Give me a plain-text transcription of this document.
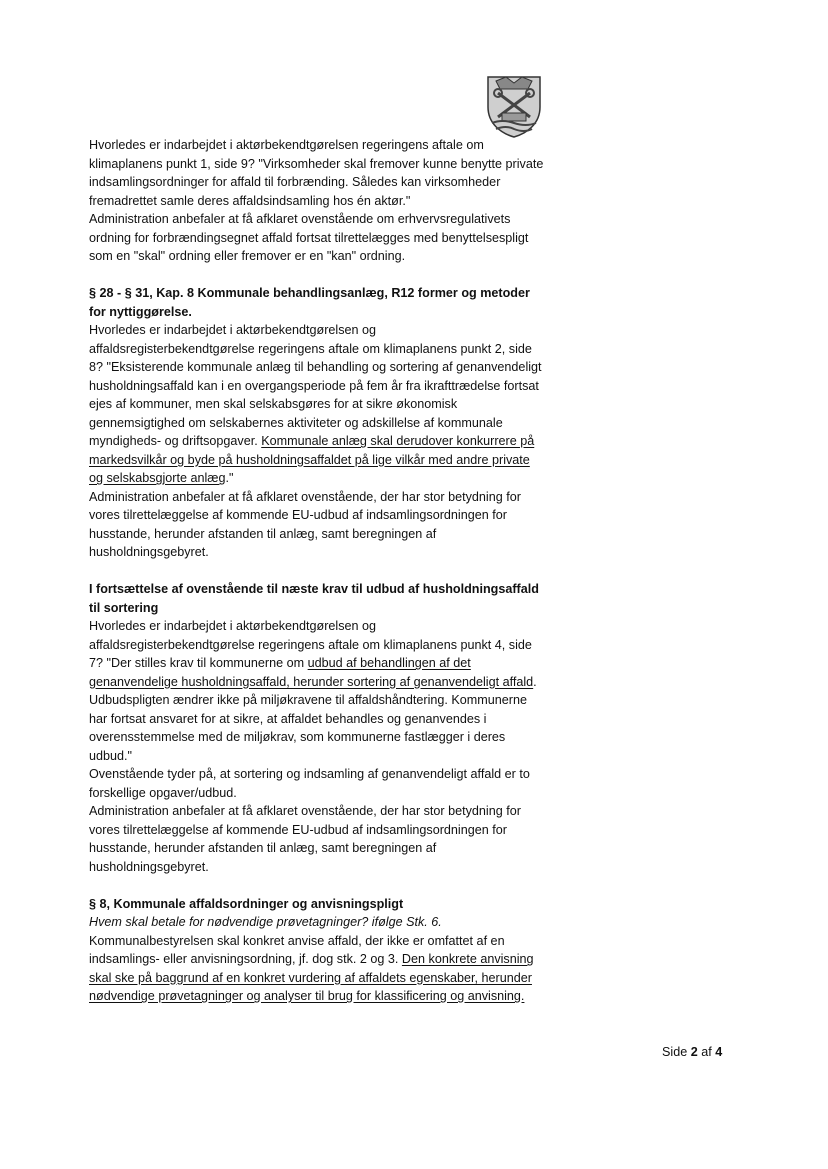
Hvorledes er indarbejdet i aktørbekendtgørelsen regeringens aftale om klimaplanens punkt 1, side 9? "Virksomheder skal fremover kunne benytte private indsamlingsordninger for affald til forbrænding. Således kan virksomheder fremadrettet samle deres affaldsindsamling hos én aktør."

Administration anbefaler at få afklaret ovenstående om erhvervsregulativets ordning for forbrændingsegnet affald fortsat tilrettelægges med benyttelsespligt som en "skal" ordning eller fremover er en "kan" ordning.

§ 28 - § 31, Kap. 8 Kommunale behandlingsanlæg, R12 former og metoder for nyttiggørelse.

Hvorledes er indarbejdet i aktørbekendtgørelsen og affaldsregisterbekendtgørelse regeringens aftale om klimaplanens punkt 2, side 8? "Eksisterende kommunale anlæg til behandling og sortering af genanvendeligt husholdningsaffald kan i en overgangsperiode på fem år fra ikrafttrædelse fortsat ejes af kommuner, men skal selskabsgøres for at sikre økonomisk gennemsigtighed om selskabernes aktiviteter og adskillelse af kommunale myndigheds- og driftsopgaver. Kommunale anlæg skal derudover konkurrere på markedsvilkår og byde på husholdningsaffaldet på lige vilkår med andre private og selskabsgjorte anlæg."

Administration anbefaler at få afklaret ovenstående, der har stor betydning for vores tilrettelæggelse af kommende EU-udbud af indsamlingsordningen for husstande, herunder afstanden til anlæg, samt beregningen af husholdningsgebyret.

I fortsættelse af ovenstående til næste krav til udbud af husholdningsaffald til sortering

Hvorledes er indarbejdet i aktørbekendtgørelsen og affaldsregisterbekendtgørelse regeringens aftale om klimaplanens punkt 4, side 7? "Der stilles krav til kommunerne om udbud af behandlingen af det genanvendelige husholdningsaffald, herunder sortering af genanvendeligt affald. Udbudspligten ændrer ikke på miljøkravene til affaldshåndtering. Kommunerne har fortsat ansvaret for at sikre, at affaldet behandles og genanvendes i overensstemmelse med de miljøkrav, som kommunerne fastlægger i deres udbud."

Ovenstående tyder på, at sortering og indsamling af genanvendeligt affald er to forskellige opgaver/udbud.

Administration anbefaler at få afklaret ovenstående, der har stor betydning for vores tilrettelæggelse af kommende EU-udbud af indsamlingsordningen for husstande, herunder afstanden til anlæg, samt beregningen af husholdningsgebyret.

§ 8, Kommunale affaldsordninger og anvisningspligt

Hvem skal betale for nødvendige prøvetagninger? ifølge Stk. 6.

Kommunalbestyrelsen skal konkret anvise affald, der ikke er omfattet af en indsamlings- eller anvisningsordning, jf. dog stk. 2 og 3. Den konkrete anvisning skal ske på baggrund af en konkret vurdering af affaldets egenskaber, herunder nødvendige prøvetagninger og analyser til brug for klassificering og anvisning.

Side 2 af 4
